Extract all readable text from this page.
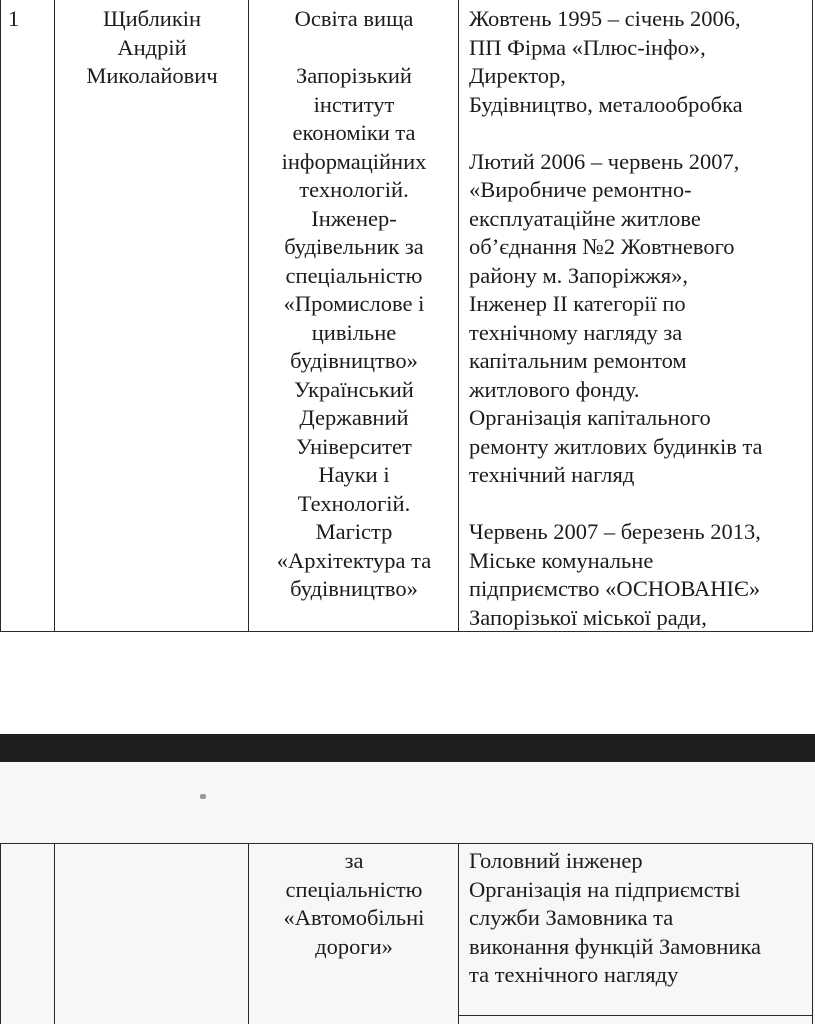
1	Щибликін
Андрій
Миколайович
Освіта вища
Запорізький
інститут
економіки та
інформаційних
технологій.
Інженер-
будівельник за
спеціальністю
«Промислове і
цивільне
будівництво»
Український
Державний
Університет
Науки і
Технологій.
Магістр
«Архітектура та
будівництво»
Жовтень 1995 – січень 2006,
ПП Фірма «Плюс-інфо»,
Директор,
Будівництво, металообробка
Лютий 2006 – червень 2007,
«Виробниче ремонтно-
експлуатаційне житлове
об’єднання №2 Жовтневого
району м. Запоріжжя»,
Інженер ІІ категорії по
технічному нагляду за
капітальним ремонтом
житлового фонду.
Організація капітального
ремонту житлових будинків та
технічний нагляд
Червень 2007 – березень 2013,
Міське комунальне
підприємство «ОСНОВАНІЄ»
Запорізької міської ради,
за
спеціальністю
«Автомобільні
дороги»
Головний інженер
Організація на підприємстві
служби Замовника та
виконання функцій Замовника
та технічного нагляду
